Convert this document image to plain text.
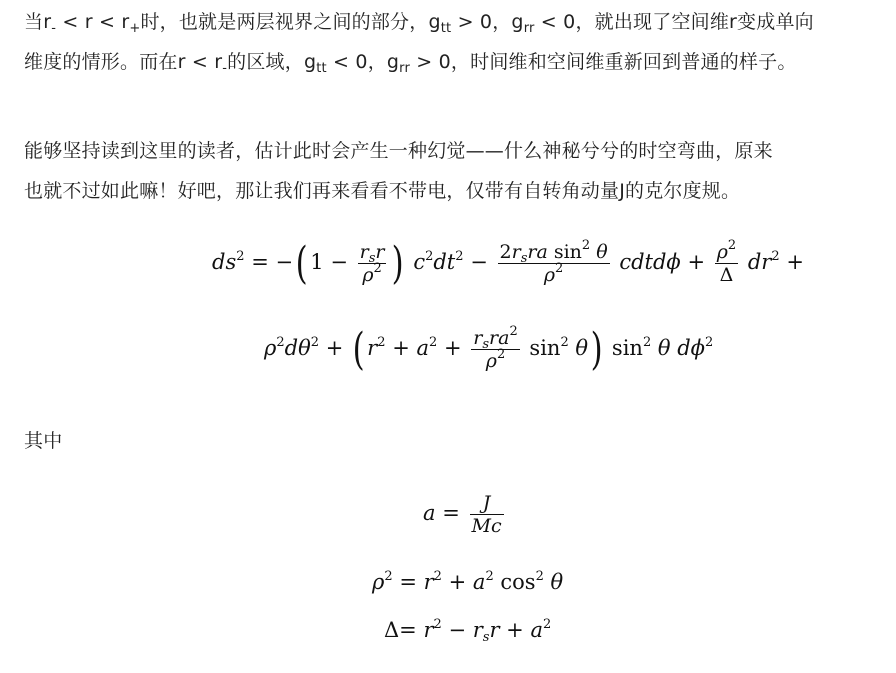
当$r_- < r < r_+$时，也就是两层视界之间的部分，$g_{tt} > 0$，$g_{rr} < 0$，就出现了空间维r变成单向
维度的情形。而在$r < r_-$的区域，$g_{tt} < 0$，$g_{rr} > 0$，时间维和空间维重新回到普通的样子。
能够坚持读到这里的读者，估计此时会产生一种幻觉——什么神秘兮兮的时空弯曲，原来
也就不过如此嘛！好吧，那让我们再来看看不带电，仅带有自转角动量J的克尔度规。
$ds^2$ = −( $1 - \frac{r_sr}{\rho^2}$ ) $c^2dt^2 - \frac{2r_sra \sin^2 \theta}{\rho^2}$ cdtdϕ + $\frac{\rho^2}{\Delta} dr^2$ +
$\rho^2d\theta^2$ + ( $r^2 + a^2 + \frac{r_sra^2}{\rho^2} \sin^2 \theta$) $\sin^2 \theta$ $d\phi^2$
其中
$a = \frac{J}{Mc}$
$\rho^2 = r^2 + a^2$ $\cos^2 \theta$
$\Delta= r^2 - r_sr + a^2$
